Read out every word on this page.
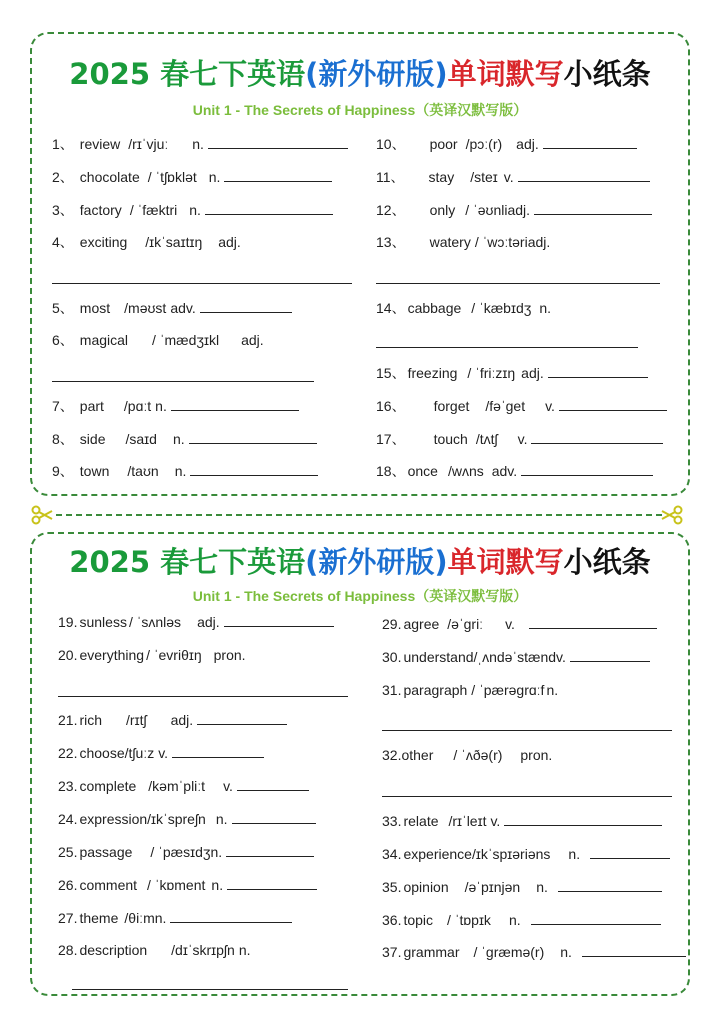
2025 春七下英语(新外研版)单词默写小纸条
Unit 1 - The Secrets of Happiness（英译汉默写版）
1、 review /rɪˈvjuː n.
2、 chocolate / ˈtʃɒklət n.
3、 factory / ˈfæktri n.
4、 exciting /ɪkˈsaɪtɪŋ adj.
5、 most /məʊst adv.
6、 magical / ˈmædʒɪkl adj.
7、 part /pɑːt n.
8、 side /saɪd n.
9、 town /taʊn n.
10、 poor /pɔː(r) adj.
11、 stay /steɪ v.
12、 only / ˈəʊnliadj.
13、 watery / ˈwɔːtəriadj.
14、 cabbage / ˈkæbɪdʒ n.
15、 freezing / ˈfriːzɪŋ adj.
16、 forget /fəˈget v.
17、 touch /tʌtʃ v.
18、 once /wʌns adv.
2025 春七下英语(新外研版)单词默写小纸条
Unit 1 - The Secrets of Happiness（英译汉默写版）
19. sunless / ˈsʌnləs adj.
20. everything / ˈevriθɪŋ pron.
21. rich /rɪtʃ adj.
22. choose/tʃuːz v.
23. complete /kəmˈpliːt v.
24. expression/ɪkˈspreʃn n.
25. passage / ˈpæsɪdʒn.
26. comment / ˈkɒment n.
27. theme /θiːmn.
28. description /dɪˈskrɪpʃn n.
29. agree /əˈgriː v.
30. understand/ˌʌndəˈstændv.
31. paragraph / ˈpærəgrɑːf n.
32.other / ˈʌðə(r) pron.
33. relate /rɪˈleɪt v.
34. experience/ɪkˈspɪəriəns n.
35. opinion /əˈpɪnjən n.
36. topic / ˈtɒpɪk n.
37. grammar / ˈgræmə(r) n.
